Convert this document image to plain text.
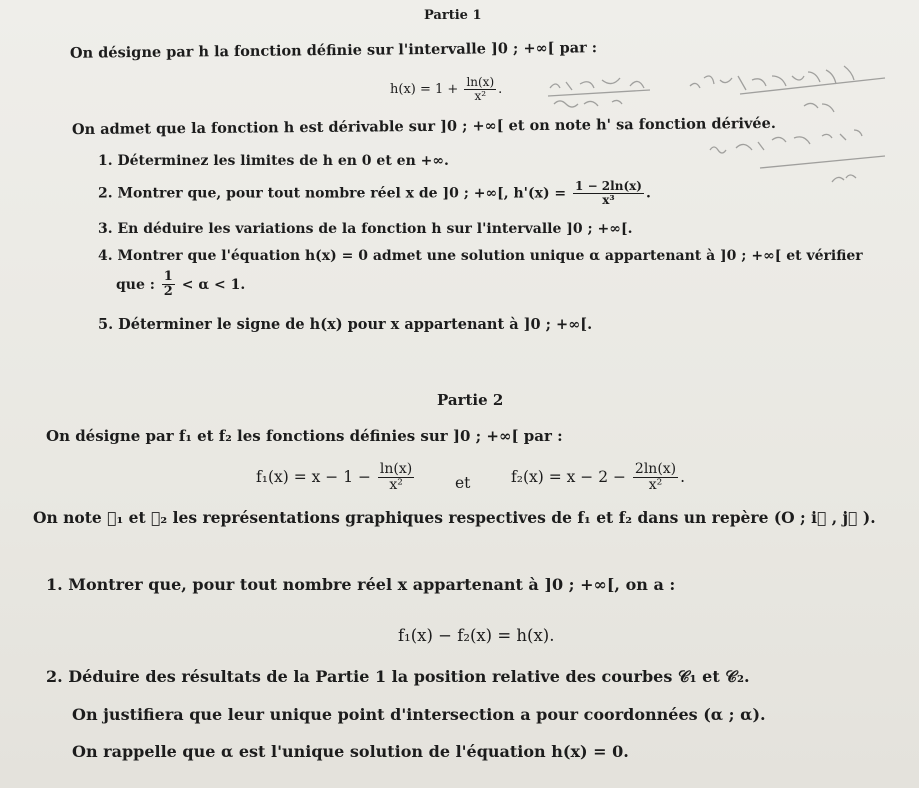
Partie 1
On désigne par h la fonction définie sur l'intervalle ]0 ; +∞[ par :
$h(x) = 1 + \frac{\ln(x)}{\text{x²}}$ .
On admet que la fonction h est dérivable sur ]0 ; +∞[ et on note h' sa fonction dérivée.
1. Déterminez les limites de h en 0 et en +∞.
2. Montrer que, pour tout nombre réel x de ]0 ; +∞[, $h'(x) = \frac{1 - 2\ln(x)}{\text{x³}}$ .
3. En déduire les variations de la fonction h sur l'intervalle ]0 ; +∞[.
4. Montrer que l'équation h(x) = 0 admet une solution unique α appartenant à ]0 ; +∞[ et vérifier
que : $\frac{1}{2} < \alpha < 1$.
5. Déterminer le signe de h(x) pour x appartenant à ]0 ; +∞[.
Partie 2
On désigne par f₁ et f₂ les fonctions définies sur ]0 ; +∞[ par :
$f_1(x) = x - 1 - \frac{\ln(x)}{\text{x²}}$	et	$f_2(x) = x - 2 - \frac{2\ln(x)}{\text{x²}}$ .
On note 𝒞₁ et 𝒞₂ les représentations graphiques respectives de f₁ et f₂ dans un repère (O ; i⃗ , j⃗ ).
1. Montrer que, pour tout nombre réel x appartenant à ]0 ; +∞[, on a :
f₁(x) − f₂(x) = h(x).
2. Déduire des résultats de la Partie 1 la position relative des courbes 𝒞₁ et 𝒞₂.
On justifiera que leur unique point d'intersection a pour coordonnées (α ; α).
On rappelle que α est l'unique solution de l'équation h(x) = 0.
